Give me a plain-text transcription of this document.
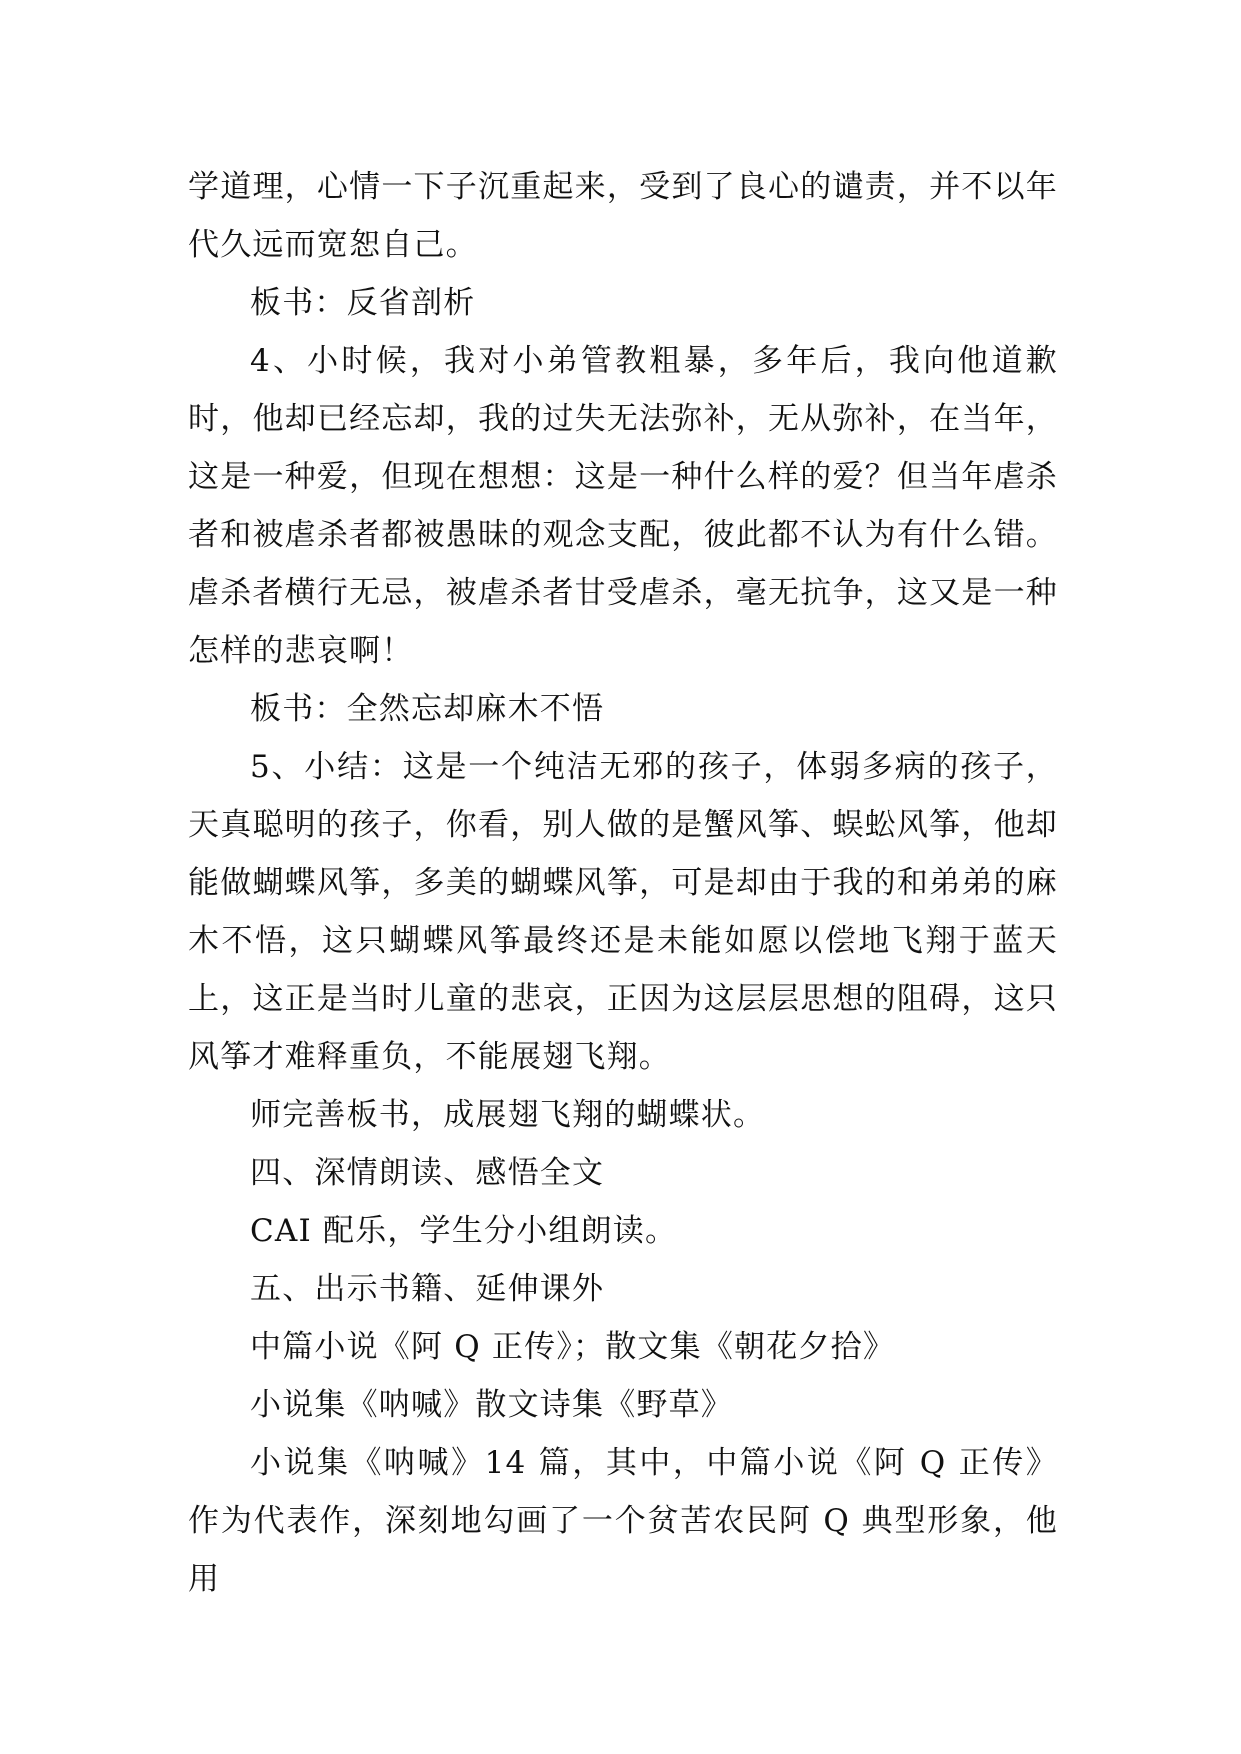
学道理，心情一下子沉重起来，受到了良心的谴责，并不以年代久远而宽恕自己。

板书：反省剖析

4、小时候，我对小弟管教粗暴，多年后，我向他道歉时，他却已经忘却，我的过失无法弥补，无从弥补，在当年，这是一种爱，但现在想想：这是一种什么样的爱？但当年虐杀者和被虐杀者都被愚昧的观念支配，彼此都不认为有什么错。虐杀者横行无忌，被虐杀者甘受虐杀，毫无抗争，这又是一种怎样的悲哀啊！

板书：全然忘却麻木不悟

5、小结：这是一个纯洁无邪的孩子，体弱多病的孩子，天真聪明的孩子，你看，别人做的是蟹风筝、蜈蚣风筝，他却能做蝴蝶风筝，多美的蝴蝶风筝，可是却由于我的和弟弟的麻木不悟，这只蝴蝶风筝最终还是未能如愿以偿地飞翔于蓝天上，这正是当时儿童的悲哀，正因为这层层思想的阻碍，这只风筝才难释重负，不能展翅飞翔。

师完善板书，成展翅飞翔的蝴蝶状。

四、深情朗读、感悟全文

CAI 配乐，学生分小组朗读。

五、出示书籍、延伸课外

中篇小说《阿 Q 正传》；散文集《朝花夕拾》

小说集《呐喊》散文诗集《野草》

小说集《呐喊》14 篇，其中，中篇小说《阿 Q 正传》作为代表作，深刻地勾画了一个贫苦农民阿 Q 典型形象，他用
